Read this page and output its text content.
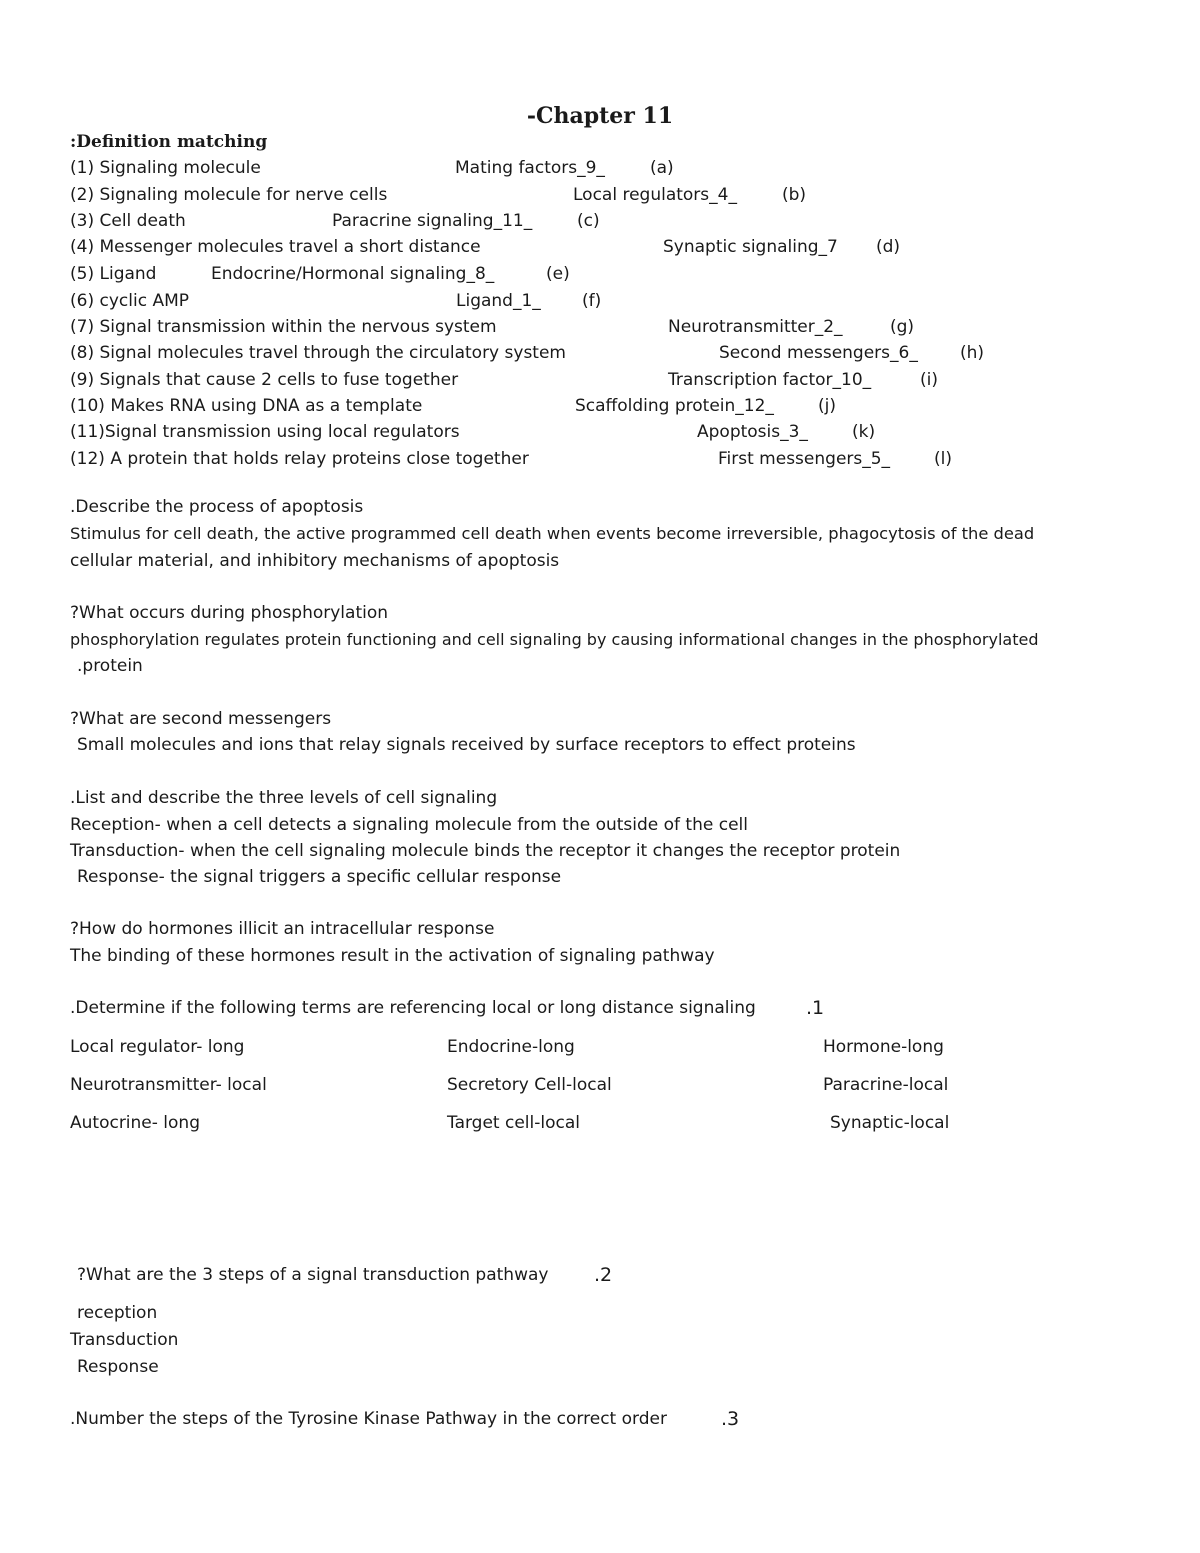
-Chapter 11
:Definition matching
(1) Signaling molecule	Mating factors_9_	(a)
(2) Signaling molecule for nerve cells	Local regulators_4_	(b)
(3) Cell death	Paracrine signaling_11_	(c)
(4) Messenger molecules travel a short distance	Synaptic signaling_7 (d)
(5) Ligand	Endocrine/Hormonal signaling_8_	(e)
(6) cyclic AMP	Ligand_1_ (f)
(7) Signal transmission within the nervous system	Neurotransmitter_2_	(g)
(8) Signal molecules travel through the circulatory system	Second messengers_6_ (h)
(9) Signals that cause 2 cells to fuse together	Transcription factor_10_	(i)
(10) Makes RNA using DNA as a template	Scaffolding protein_12_	(j)
(11)Signal transmission using local regulators	Apoptosis_3_	(k)
(12) A protein that holds relay proteins close together	First messengers_5_	(l)
.Describe the process of apoptosis
Stimulus for cell death, the active programmed cell death when events become irreversible, phagocytosis of the dead
cellular material, and inhibitory mechanisms of apoptosis
?What occurs during phosphorylation
phosphorylation regulates protein functioning and cell signaling by causing informational changes in the phosphorylated
.protein
?What are second messengers
Small molecules and ions that relay signals received by surface receptors to effect proteins
.List and describe the three levels of cell signaling
Reception- when a cell detects a signaling molecule from the outside of the cell
Transduction- when the cell signaling molecule binds the receptor it changes the receptor protein
Response- the signal triggers a specific cellular response
?How do hormones illicit an intracellular response
The binding of these hormones result in the activation of signaling pathway
.Determine if the following terms are referencing local or long distance signaling	.1
Local regulator- long	Endocrine-long	Hormone-long
Neurotransmitter- local	Secretory Cell-local	Paracrine-local
Autocrine- long	Target cell-local	Synaptic-local
?What are the 3 steps of a signal transduction pathway .2
reception
Transduction
Response
.Number the steps of the Tyrosine Kinase Pathway in the correct order	.3
